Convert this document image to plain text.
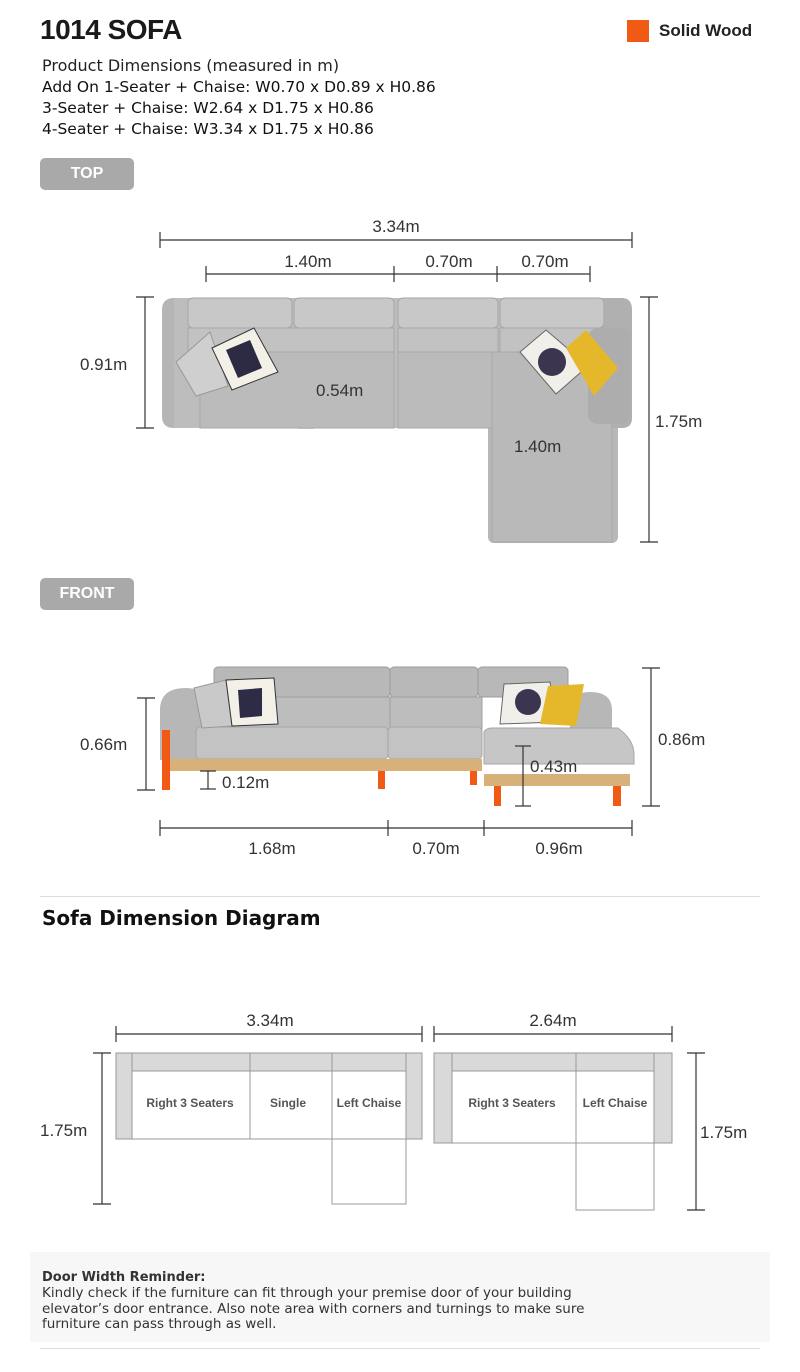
1014 SOFA	Solid Wood
Product Dimensions (measured in m)
Add On 1-Seater + Chaise: W0.70 x D0.89 x H0.86
3-Seater + Chaise: W2.64 x D1.75 x H0.86
4-Seater + Chaise: W3.34 x D1.75 x H0.86
TOP
3.34m
1.40m	0.70m	0.70m
0.91m
1.75m
0.54m
1.40m
FRONT
0.66m
0.12m
0.43m
0.86m
1.68m	0.70m	0.96m
Sofa Dimension Diagram
3.34m	2.64m
1.75m	1.75m
Right 3 Seaters	Single	Left Chaise	Right 3 Seaters Left Chaise
Door Width Reminder:
Kindly check if the furniture can fit through your premise door of your building elevator’s door entrance. Also note area with corners and turnings to make sure furniture can pass through as well.
